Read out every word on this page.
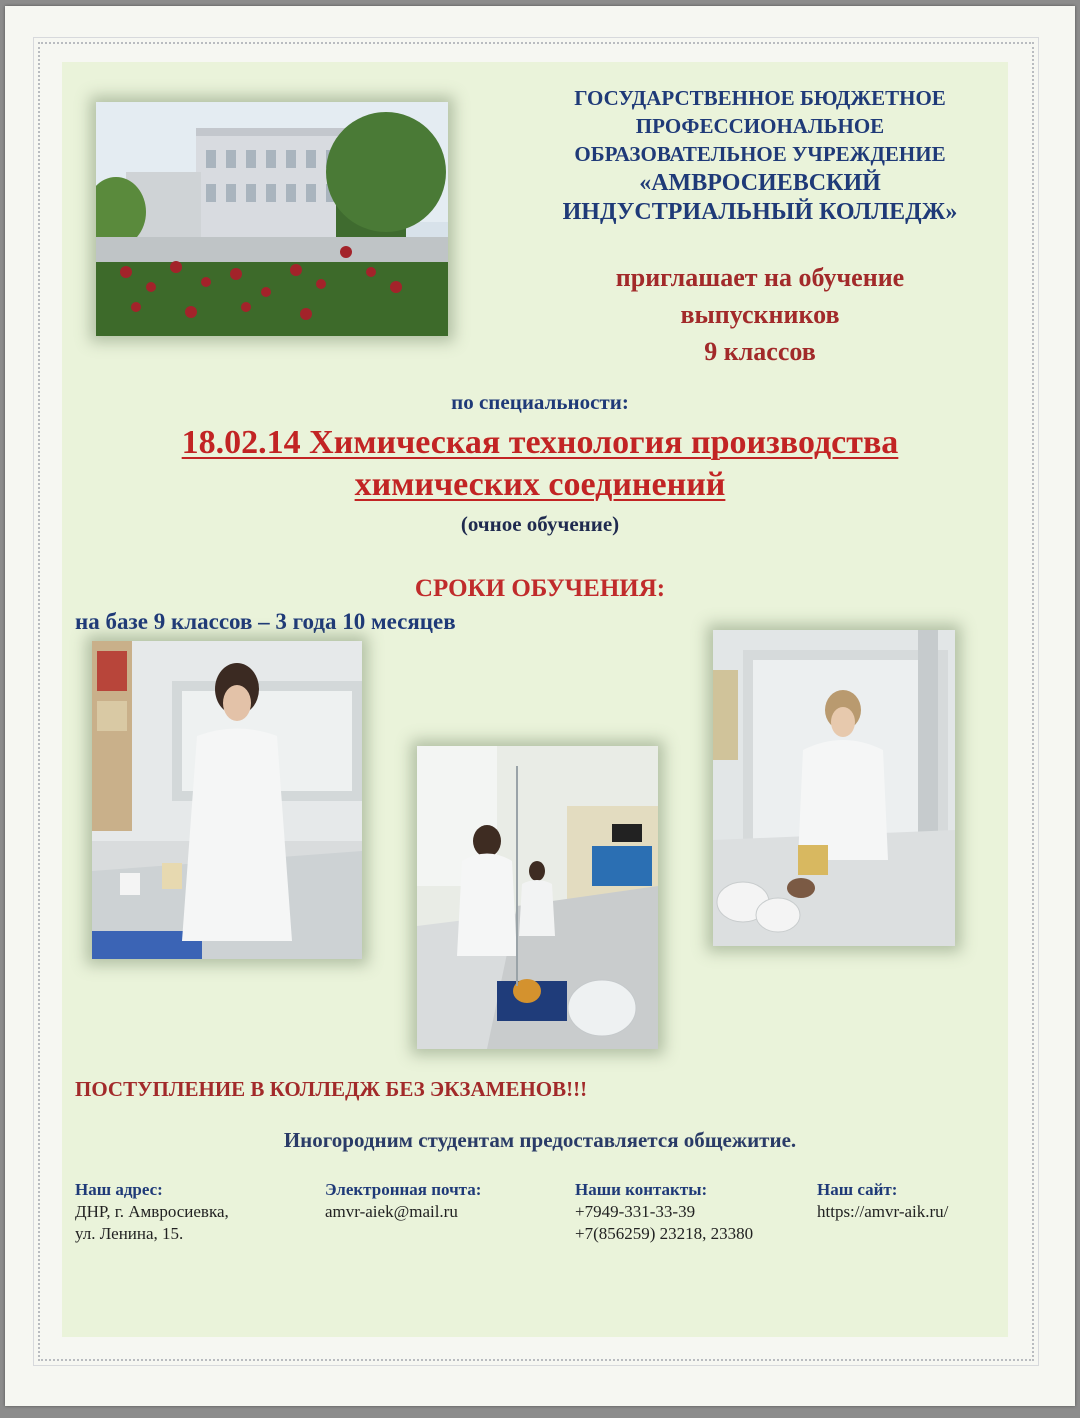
ГОСУДАРСТВЕННОЕ БЮДЖЕТНОЕ
ПРОФЕССИОНАЛЬНОЕ
ОБРАЗОВАТЕЛЬНОЕ УЧРЕЖДЕНИЕ
«АМВРОСИЕВСКИЙ
ИНДУСТРИАЛЬНЫЙ КОЛЛЕДЖ»
приглашает на обучение
выпускников
9 классов
по специальности:
18.02.14 Химическая технология производства
химических соединений
(очное обучение)
СРОКИ ОБУЧЕНИЯ:
на базе 9 классов – 3 года 10 месяцев
ПОСТУПЛЕНИЕ В КОЛЛЕДЖ БЕЗ ЭКЗАМЕНОВ!!!
Иногородним студентам предоставляется общежитие.
Наш адрес:
ДНР, г. Амвросиевка,
ул. Ленина, 15.
Электронная почта:
amvr-aiek@mail.ru
Наши контакты:
+7949-331-33-39
+7(856259) 23218, 23380
Наш сайт:
https://amvr-aik.ru/
